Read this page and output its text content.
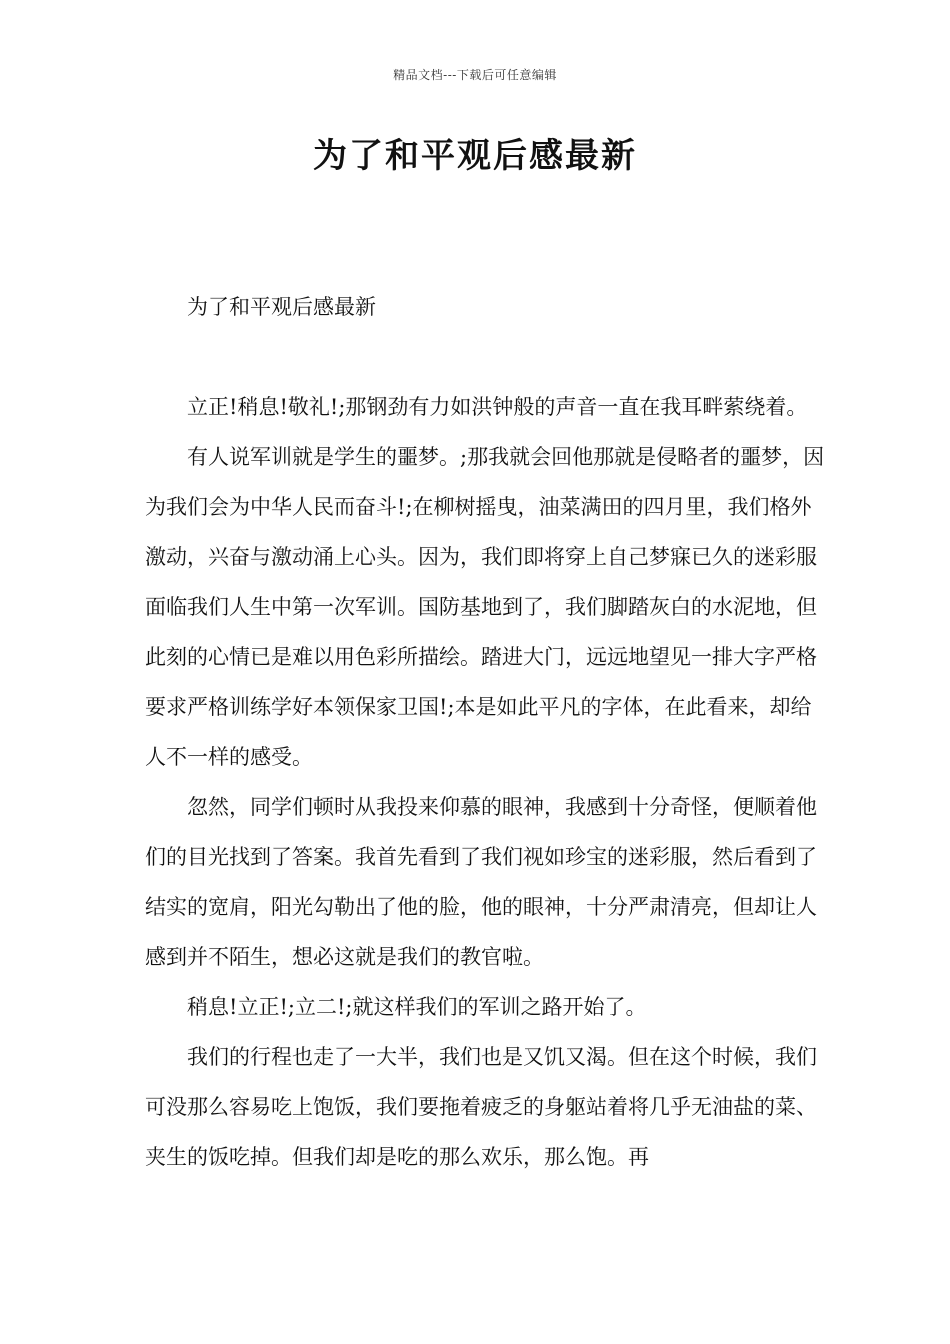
精品文档---下载后可任意编辑
为了和平观后感最新

为了和平观后感最新

立正!稍息!敬礼!;那钢劲有力如洪钟般的声音一直在我耳畔萦绕着。

有人说军训就是学生的噩梦。;那我就会回他那就是侵略者的噩梦，因为我们会为中华人民而奋斗!;在柳树摇曳，油菜满田的四月里，我们格外激动，兴奋与激动涌上心头。因为，我们即将穿上自己梦寐已久的迷彩服面临我们人生中第一次军训。国防基地到了，我们脚踏灰白的水泥地，但此刻的心情已是难以用色彩所描绘。踏进大门，远远地望见一排大字严格要求严格训练学好本领保家卫国!;本是如此平凡的字体，在此看来，却给人不一样的感受。

忽然，同学们顿时从我投来仰慕的眼神，我感到十分奇怪，便顺着他们的目光找到了答案。我首先看到了我们视如珍宝的迷彩服，然后看到了结实的宽肩，阳光勾勒出了他的脸，他的眼神，十分严肃清亮，但却让人感到并不陌生，想必这就是我们的教官啦。

稍息!立正!;立二!;就这样我们的军训之路开始了。

我们的行程也走了一大半，我们也是又饥又渴。但在这个时候，我们可没那么容易吃上饱饭，我们要拖着疲乏的身躯站着将几乎无油盐的菜、夹生的饭吃掉。但我们却是吃的那么欢乐，那么饱。再
